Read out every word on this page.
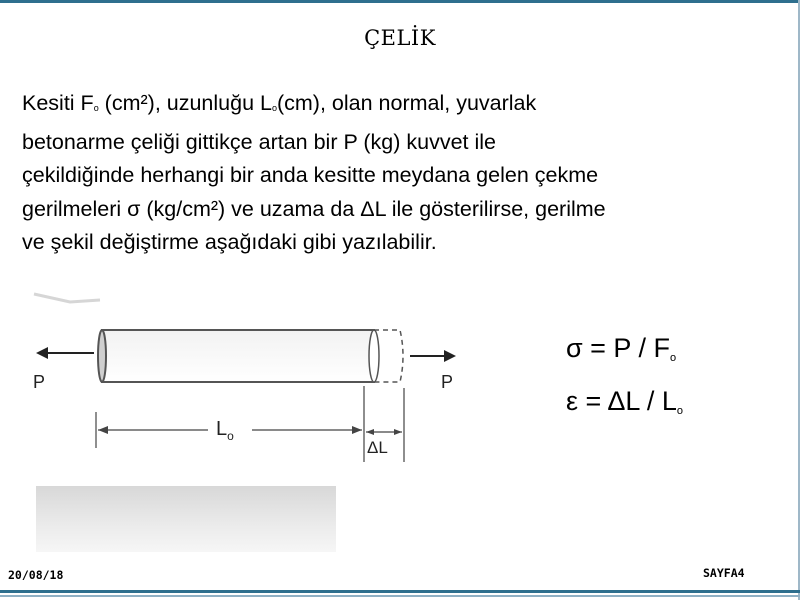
ÇELİK
Kesiti $F_o$ (cm²), uzunluğu $L_o(cm)$, olan normal, yuvarlak
betonarme çeliği gittikçe artan bir P (kg) kuvvet ile
çekildiğinde herhangi bir anda kesitte meydana gelen çekme
gerilmeleri σ (kg/cm²) ve uzama da ΔL ile gösterilirse, gerilme
ve şekil değiştirme aşağıdaki gibi yazılabilir.
P	P
$L_o$
ΔL
$\sigma = P / F_o$
$\varepsilon = \Delta L / L_o$
20/08/18	SAYFA4
